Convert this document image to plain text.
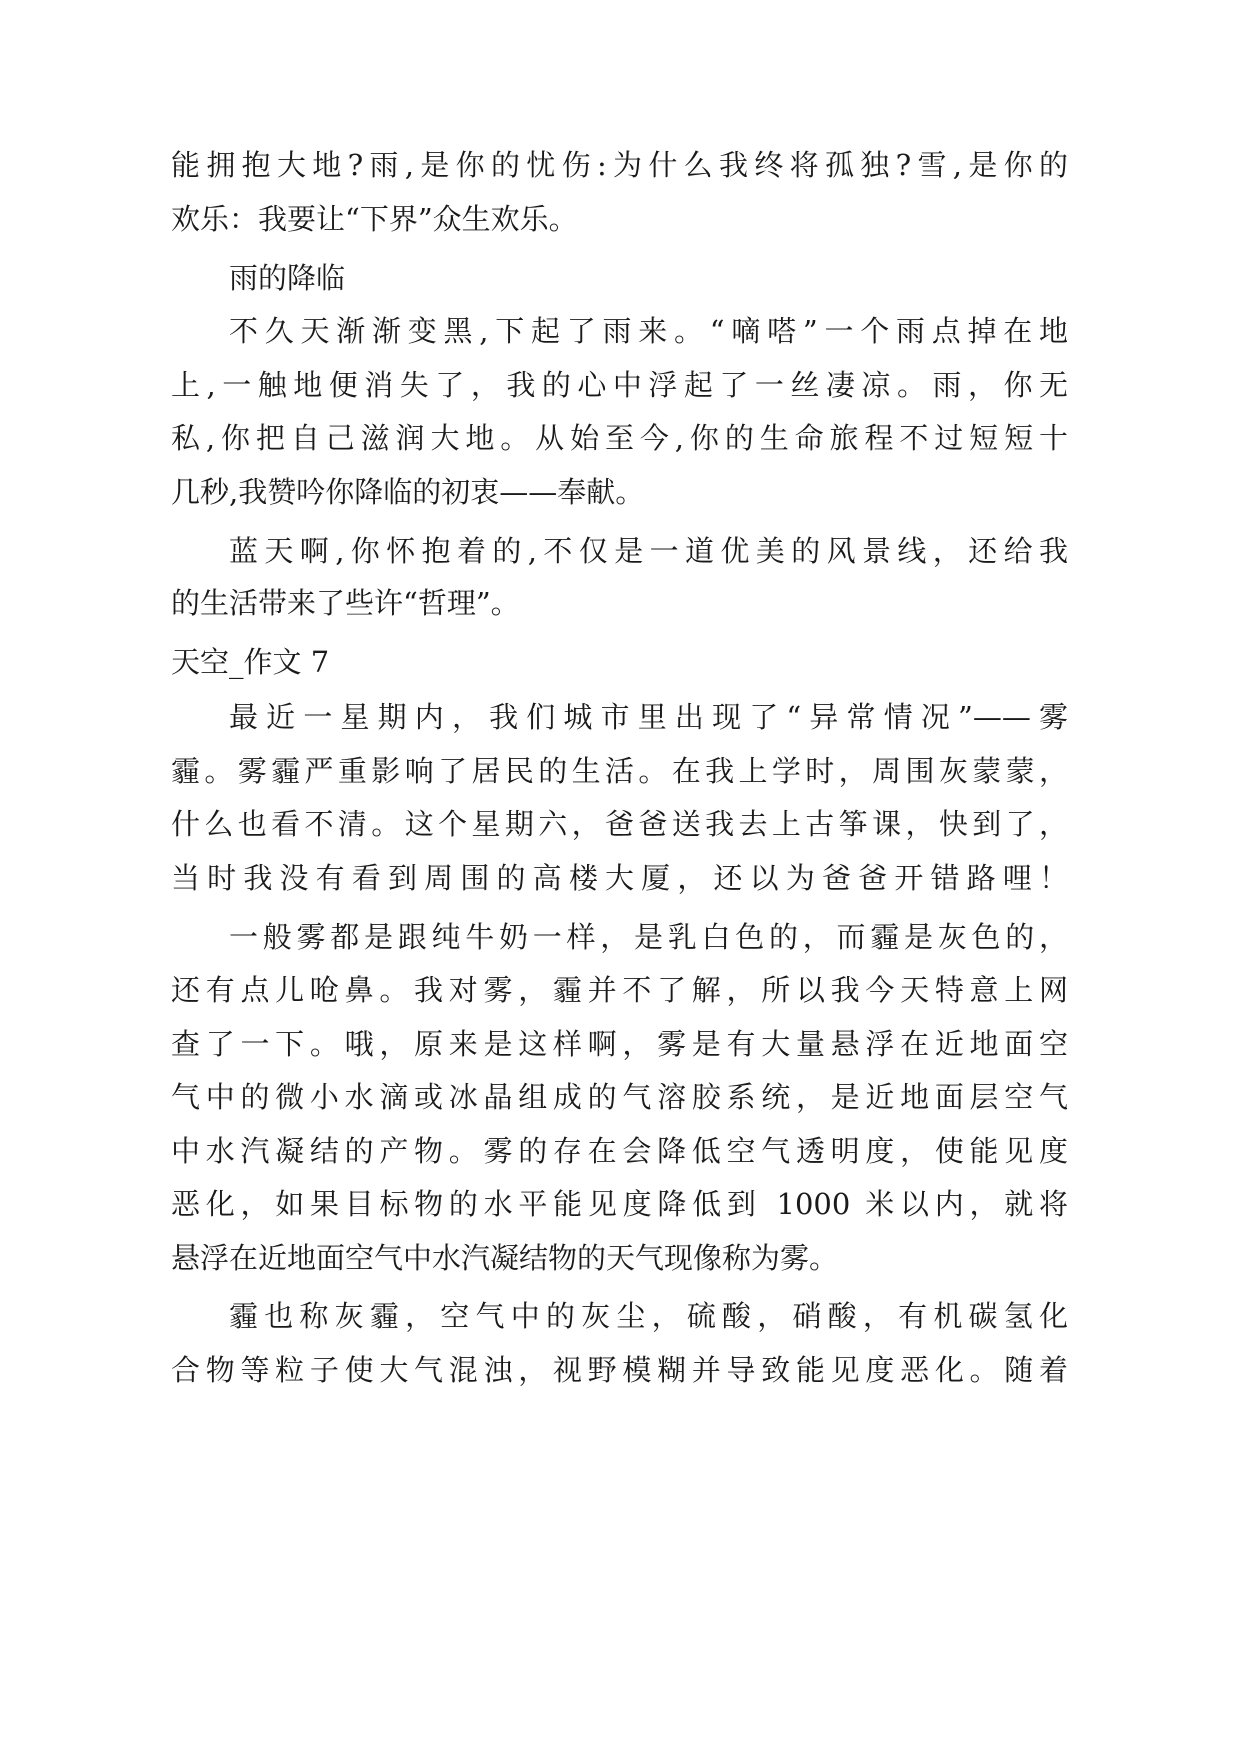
能拥抱大地?雨,是你的忧伤:为什么我终将孤独?雪,是你的
欢乐：我要让“下界”众生欢乐。
雨的降临
不久天渐渐变黑,下起了雨来。“嘀嗒”一个雨点掉在地
上,一触地便消失了，我的心中浮起了一丝凄凉。雨，你无
私,你把自己滋润大地。从始至今,你的生命旅程不过短短十
几秒,我赞吟你降临的初衷——奉献。
蓝天啊,你怀抱着的,不仅是一道优美的风景线，还给我
的生活带来了些许“哲理”。
天空_作文 7
最近一星期内，我们城市里出现了“异常情况”——雾
霾。雾霾严重影响了居民的生活。在我上学时，周围灰蒙蒙，
什么也看不清。这个星期六，爸爸送我去上古筝课，快到了，
当时我没有看到周围的高楼大厦，还以为爸爸开错路哩！
一般雾都是跟纯牛奶一样，是乳白色的，而霾是灰色的，
还有点儿呛鼻。我对雾，霾并不了解，所以我今天特意上网
查了一下。哦，原来是这样啊，雾是有大量悬浮在近地面空
气中的微小水滴或冰晶组成的气溶胶系统，是近地面层空气
中水汽凝结的产物。雾的存在会降低空气透明度，使能见度
恶化，如果目标物的水平能见度降低到 1000 米以内，就将
悬浮在近地面空气中水汽凝结物的天气现像称为雾。
霾也称灰霾，空气中的灰尘，硫酸，硝酸，有机碳氢化
合物等粒子使大气混浊，视野模糊并导致能见度恶化。随着
